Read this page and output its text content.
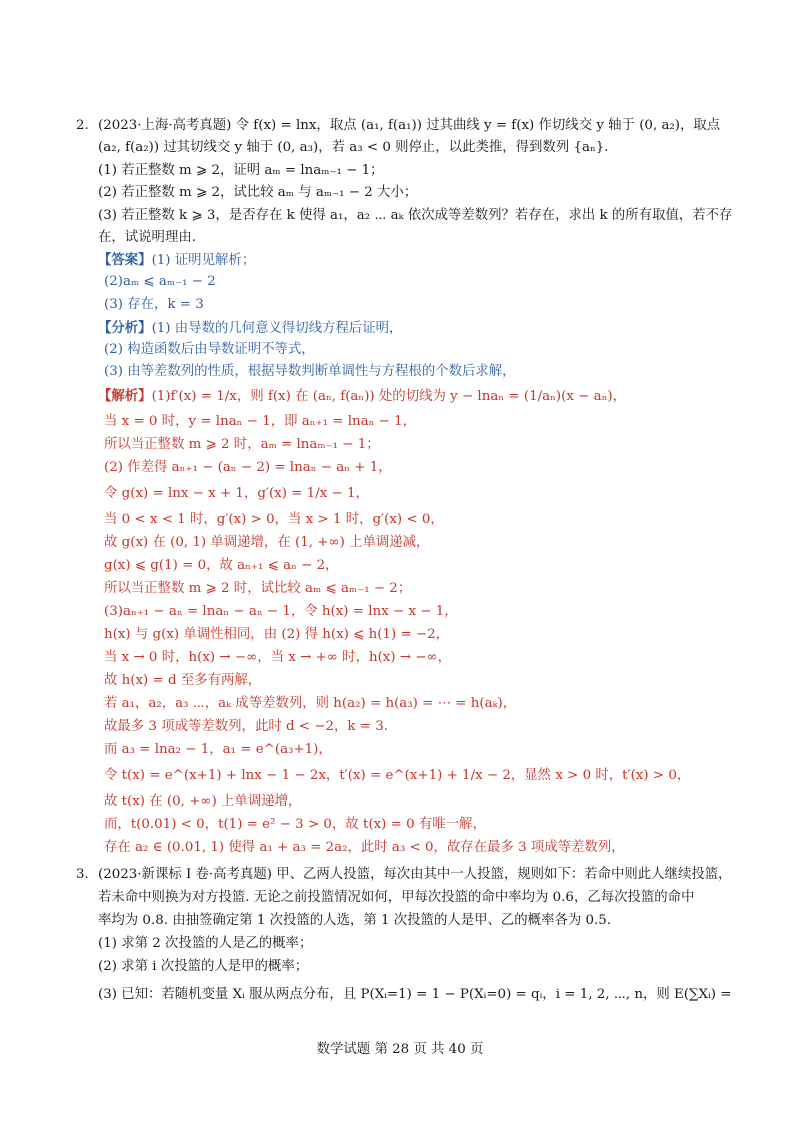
2. (2023·上海·高考真题) 令 f(x) = lnx，取点 (a₁, f(a₁)) 过其曲线 y = f(x) 作切线交 y 轴于 (0, a₂)，取点
(a₂, f(a₂)) 过其切线交 y 轴于 (0, a₃)，若 a₃ < 0 则停止，以此类推，得到数列 {aₙ}.
(1) 若正整数 m ⩾ 2，证明 aₘ = lnaₘ₋₁ − 1；
(2) 若正整数 m ⩾ 2，试比较 aₘ 与 aₘ₋₁ − 2 大小；
(3) 若正整数 k ⩾ 3，是否存在 k 使得 a₁，a₂ ⋯ aₖ 依次成等差数列？若存在，求出 k 的所有取值，若不存
在，试说明理由.
【答案】(1) 证明见解析；
(2)aₘ ⩽ aₘ₋₁ − 2
(3) 存在，k = 3
【分析】(1) 由导数的几何意义得切线方程后证明，
(2) 构造函数后由导数证明不等式，
(3) 由等差数列的性质，根据导数判断单调性与方程根的个数后求解，
【解析】(1)f′(x) = 1/x，则 f(x) 在 (aₙ, f(aₙ)) 处的切线为 y − lnaₙ = (1/aₙ)(x − aₙ)，
当 x = 0 时，y = lnaₙ − 1，即 aₙ₊₁ = lnaₙ − 1，
所以当正整数 m ⩾ 2 时，aₘ = lnaₘ₋₁ − 1；
(2) 作差得 aₙ₊₁ − (aₙ − 2) = lnaₙ − aₙ + 1，
令 g(x) = lnx − x + 1，g′(x) = 1/x − 1，
当 0 < x < 1 时，g′(x) > 0，当 x > 1 时，g′(x) < 0，
故 g(x) 在 (0, 1) 单调递增，在 (1, +∞) 上单调递减，
g(x) ⩽ g(1) = 0，故 aₙ₊₁ ⩽ aₙ − 2，
所以当正整数 m ⩾ 2 时，试比较 aₘ ⩽ aₘ₋₁ − 2；
(3)aₙ₊₁ − aₙ = lnaₙ − aₙ − 1，令 h(x) = lnx − x − 1，
h(x) 与 g(x) 单调性相同，由 (2) 得 h(x) ⩽ h(1) = −2，
当 x → 0 时，h(x) → −∞，当 x → +∞ 时，h(x) → −∞，
故 h(x) = d 至多有两解，
若 a₁，a₂，a₃ ⋯，aₖ 成等差数列，则 h(a₂) = h(a₃) = ⋯ = h(aₖ)，
故最多 3 项成等差数列，此时 d < −2，k = 3.
而 a₃ = lna₂ − 1，a₁ = e^(a₃+1)，
令 t(x) = e^(x+1) + lnx − 1 − 2x，t′(x) = e^(x+1) + 1/x − 2，显然 x > 0 时，t′(x) > 0，
故 t(x) 在 (0, +∞) 上单调递增，
而，t(0.01) < 0，t(1) = e² − 3 > 0，故 t(x) = 0 有唯一解，
存在 a₂ ∈ (0.01, 1) 使得 a₁ + a₃ = 2a₂，此时 a₃ < 0，故存在最多 3 项成等差数列，
3. (2023·新课标 I 卷·高考真题) 甲、乙两人投篮，每次由其中一人投篮，规则如下：若命中则此人继续投篮，
若未命中则换为对方投篮. 无论之前投篮情况如何，甲每次投篮的命中率均为 0.6，乙每次投篮的命中
率均为 0.8. 由抽签确定第 1 次投篮的人选，第 1 次投篮的人是甲、乙的概率各为 0.5.
(1) 求第 2 次投篮的人是乙的概率；
(2) 求第 i 次投篮的人是甲的概率；
(3) 已知：若随机变量 Xᵢ 服从两点分布，且 P(Xᵢ=1) = 1 − P(Xᵢ=0) = qᵢ，i = 1, 2, ⋯, n，则 E(∑Xᵢ) =
数学试题 第 28 页 共 40 页
